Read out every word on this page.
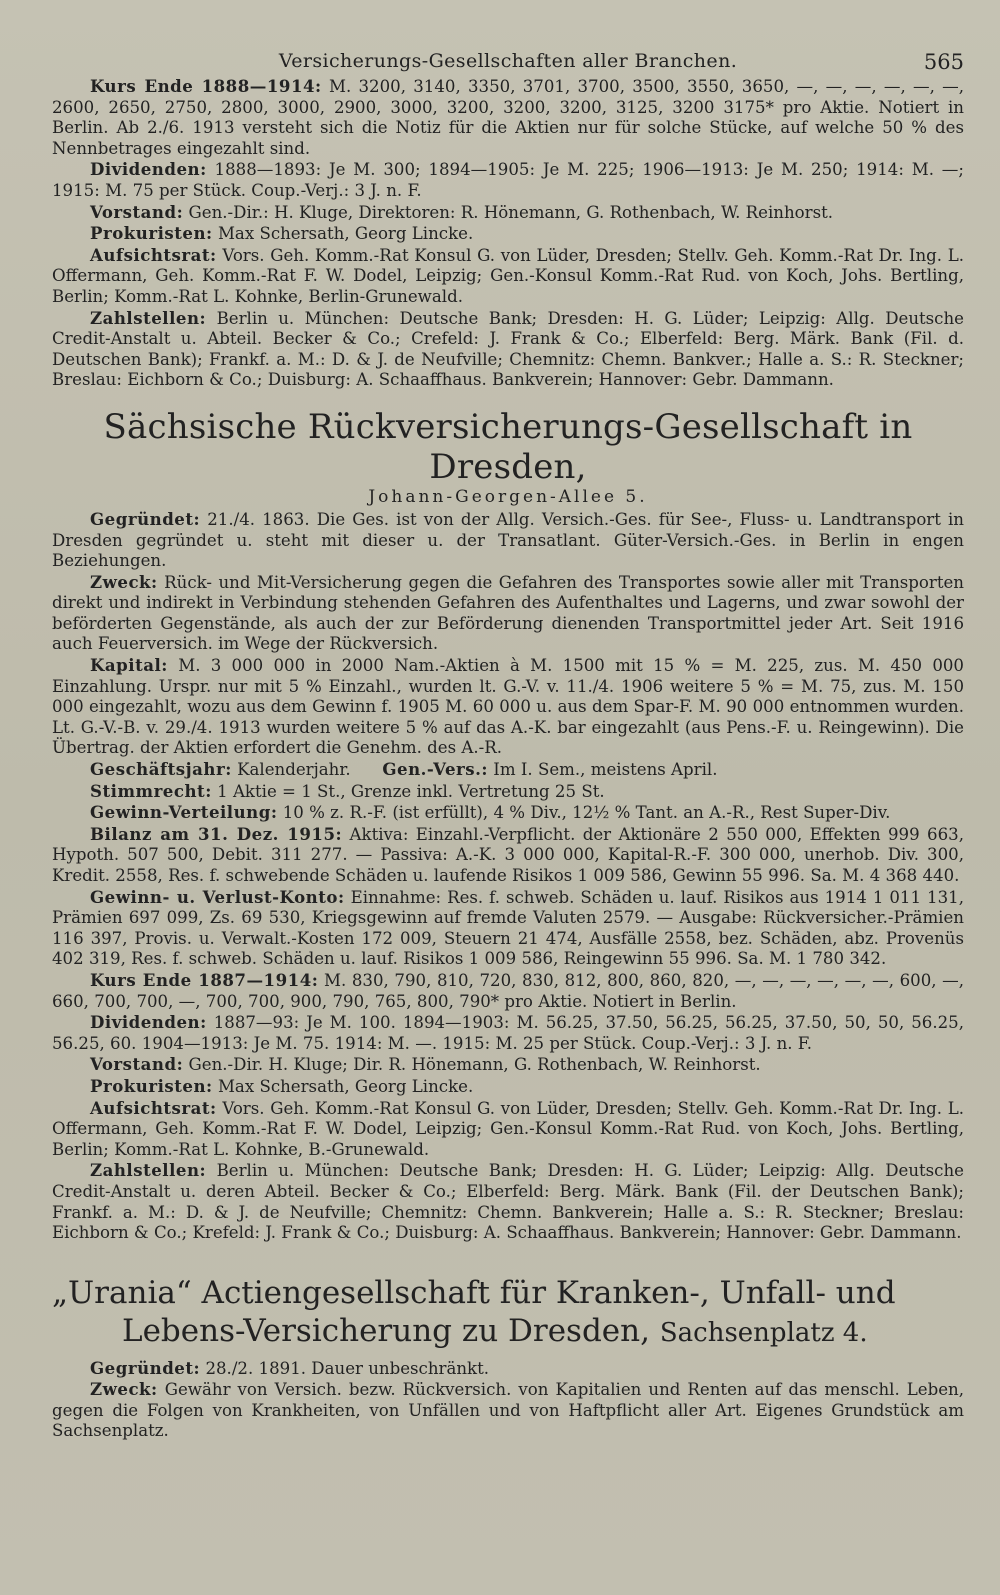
Versicherungs-Gesellschaften aller Branchen.	565

Kurs Ende 1888—1914: M. 3200, 3140, 3350, 3701, 3700, 3500, 3550, 3650, —, —, —, —, —, —, 2600, 2650, 2750, 2800, 3000, 2900, 3000, 3200, 3200, 3200, 3125, 3200 3175* pro Aktie. Notiert in Berlin. Ab 2./6. 1913 versteht sich die Notiz für die Aktien nur für solche Stücke, auf welche 50 % des Nennbetrages eingezahlt sind.

Dividenden: 1888—1893: Je M. 300; 1894—1905: Je M. 225; 1906—1913: Je M. 250; 1914: M. —; 1915: M. 75 per Stück. Coup.-Verj.: 3 J. n. F.

Vorstand: Gen.-Dir.: H. Kluge, Direktoren: R. Hönemann, G. Rothenbach, W. Reinhorst.

Prokuristen: Max Schersath, Georg Lincke.

Aufsichtsrat: Vors. Geh. Komm.-Rat Konsul G. von Lüder, Dresden; Stellv. Geh. Komm.-Rat Dr. Ing. L. Offermann, Geh. Komm.-Rat F. W. Dodel, Leipzig; Gen.-Konsul Komm.-Rat Rud. von Koch, Johs. Bertling, Berlin; Komm.-Rat L. Kohnke, Berlin-Grunewald.

Zahlstellen: Berlin u. München: Deutsche Bank; Dresden: H. G. Lüder; Leipzig: Allg. Deutsche Credit-Anstalt u. Abteil. Becker & Co.; Crefeld: J. Frank & Co.; Elberfeld: Berg. Märk. Bank (Fil. d. Deutschen Bank); Frankf. a. M.: D. & J. de Neufville; Chemnitz: Chemn. Bankver.; Halle a. S.: R. Steckner; Breslau: Eichborn & Co.; Duisburg: A. Schaaffhaus. Bankverein; Hannover: Gebr. Dammann.

Sächsische Rückversicherungs-Gesellschaft in Dresden,
Johann-Georgen-Allee 5.

Gegründet: 21./4. 1863. Die Ges. ist von der Allg. Versich.-Ges. für See-, Fluss- u. Landtransport in Dresden gegründet u. steht mit dieser u. der Transatlant. Güter-Versich.-Ges. in Berlin in engen Beziehungen.

Zweck: Rück- und Mit-Versicherung gegen die Gefahren des Transportes sowie aller mit Transporten direkt und indirekt in Verbindung stehenden Gefahren des Aufenthaltes und Lagerns, und zwar sowohl der beförderten Gegenstände, als auch der zur Beförderung dienenden Transportmittel jeder Art. Seit 1916 auch Feuerversich. im Wege der Rückversich.

Kapital: M. 3 000 000 in 2000 Nam.-Aktien à M. 1500 mit 15 % = M. 225, zus. M. 450 000 Einzahlung. Urspr. nur mit 5 % Einzahl., wurden lt. G.-V. v. 11./4. 1906 weitere 5 % = M. 75, zus. M. 150 000 eingezahlt, wozu aus dem Gewinn f. 1905 M. 60 000 u. aus dem Spar-F. M. 90 000 entnommen wurden. Lt. G.-V.-B. v. 29./4. 1913 wurden weitere 5 % auf das A.-K. bar eingezahlt (aus Pens.-F. u. Reingewinn). Die Übertrag. der Aktien erfordert die Genehm. des A.-R.

Geschäftsjahr: Kalenderjahr. Gen.-Vers.: Im I. Sem., meistens April.

Stimmrecht: 1 Aktie = 1 St., Grenze inkl. Vertretung 25 St.

Gewinn-Verteilung: 10 % z. R.-F. (ist erfüllt), 4 % Div., 12½ % Tant. an A.-R., Rest Super-Div.

Bilanz am 31. Dez. 1915: Aktiva: Einzahl.-Verpflicht. der Aktionäre 2 550 000, Effekten 999 663, Hypoth. 507 500, Debit. 311 277. — Passiva: A.-K. 3 000 000, Kapital-R.-F. 300 000, unerhob. Div. 300, Kredit. 2558, Res. f. schwebende Schäden u. laufende Risikos 1 009 586, Gewinn 55 996. Sa. M. 4 368 440.

Gewinn- u. Verlust-Konto: Einnahme: Res. f. schweb. Schäden u. lauf. Risikos aus 1914 1 011 131, Prämien 697 099, Zs. 69 530, Kriegsgewinn auf fremde Valuten 2579. — Ausgabe: Rückversicher.-Prämien 116 397, Provis. u. Verwalt.-Kosten 172 009, Steuern 21 474, Ausfälle 2558, bez. Schäden, abz. Provenüs 402 319, Res. f. schweb. Schäden u. lauf. Risikos 1 009 586, Reingewinn 55 996. Sa. M. 1 780 342.

Kurs Ende 1887—1914: M. 830, 790, 810, 720, 830, 812, 800, 860, 820, —, —, —, —, —, —, 600, —, 660, 700, 700, —, 700, 700, 900, 790, 765, 800, 790* pro Aktie. Notiert in Berlin.

Dividenden: 1887—93: Je M. 100. 1894—1903: M. 56.25, 37.50, 56.25, 56.25, 37.50, 50, 50, 56.25, 56.25, 60. 1904—1913: Je M. 75. 1914: M. —. 1915: M. 25 per Stück. Coup.-Verj.: 3 J. n. F.

Vorstand: Gen.-Dir. H. Kluge; Dir. R. Hönemann, G. Rothenbach, W. Reinhorst.

Prokuristen: Max Schersath, Georg Lincke.

Aufsichtsrat: Vors. Geh. Komm.-Rat Konsul G. von Lüder, Dresden; Stellv. Geh. Komm.-Rat Dr. Ing. L. Offermann, Geh. Komm.-Rat F. W. Dodel, Leipzig; Gen.-Konsul Komm.-Rat Rud. von Koch, Johs. Bertling, Berlin; Komm.-Rat L. Kohnke, B.-Grunewald.

Zahlstellen: Berlin u. München: Deutsche Bank; Dresden: H. G. Lüder; Leipzig: Allg. Deutsche Credit-Anstalt u. deren Abteil. Becker & Co.; Elberfeld: Berg. Märk. Bank (Fil. der Deutschen Bank); Frankf. a. M.: D. & J. de Neufville; Chemnitz: Chemn. Bankverein; Halle a. S.: R. Steckner; Breslau: Eichborn & Co.; Krefeld: J. Frank & Co.; Duisburg: A. Schaaffhaus. Bankverein; Hannover: Gebr. Dammann.

„Urania“ Actiengesellschaft für Kranken-, Unfall- und
Lebens-Versicherung zu Dresden, Sachsenplatz 4.

Gegründet: 28./2. 1891. Dauer unbeschränkt.

Zweck: Gewähr von Versich. bezw. Rückversich. von Kapitalien und Renten auf das menschl. Leben, gegen die Folgen von Krankheiten, von Unfällen und von Haftpflicht aller Art. Eigenes Grundstück am Sachsenplatz.
